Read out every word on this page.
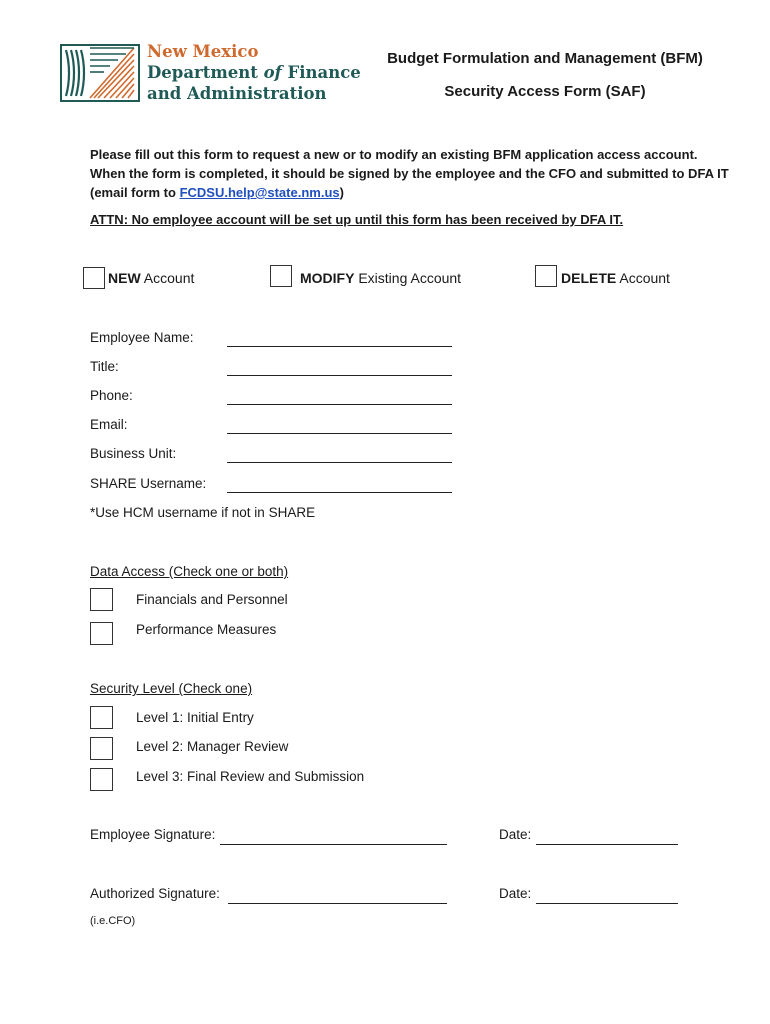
New Mexico
Department of Finance
and Administration
Budget Formulation and Management (BFM)
Security Access Form (SAF)
Please fill out this form to request a new or to modify an existing BFM application access account. When the form is completed, it should be signed by the employee and the CFO and submitted to DFA IT (email form to FCDSU.help@state.nm.us)
ATTN: No employee account will be set up until this form has been received by DFA IT.
NEW Account	MODIFY Existing Account	DELETE Account
Employee Name:
Title:
Phone:
Email:
Business Unit:
SHARE Username:
*Use HCM username if not in SHARE
Data Access (Check one or both)
Financials and Personnel
Performance Measures
Security Level (Check one)
Level 1: Initial Entry
Level 2: Manager Review
Level 3: Final Review and Submission
Employee Signature:	Date:
Authorized Signature:	Date:
(i.e.CFO)
